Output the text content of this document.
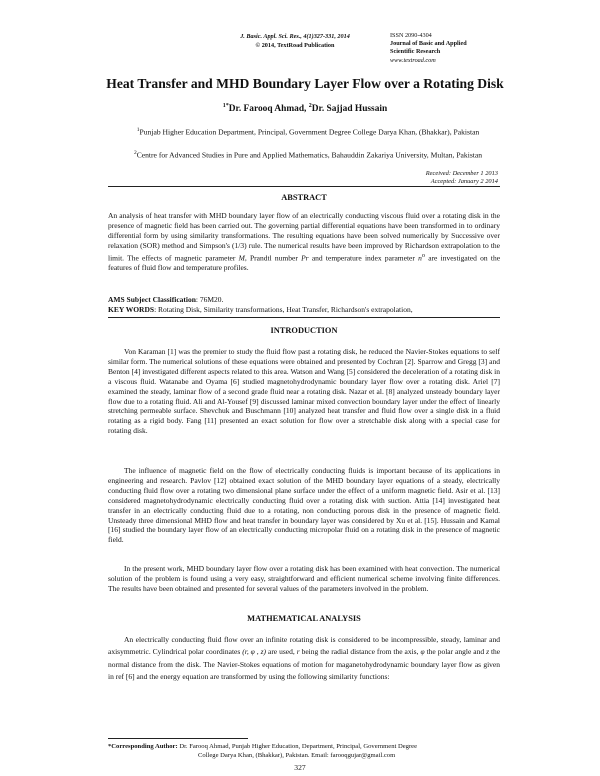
J. Basic. Appl. Sci. Res., 4(1)327-331, 2014
© 2014, TextRoad Publication
ISSN 2090-4304
Journal of Basic and Applied
Scientific Research
www.textroad.com
Heat Transfer and MHD Boundary Layer Flow over a Rotating Disk
$^{1*}$Dr. Farooq Ahmad, $^2$Dr. Sajjad Hussain
$^1$Punjab Higher Education Department, Principal, Government Degree College Darya Khan, (Bhakkar), Pakistan
$^2$Centre for Advanced Studies in Pure and Applied Mathematics, Bahauddin Zakariya University, Multan, Pakistan
Received: December 1 2013
Accepted: January 2 2014
ABSTRACT
An analysis of heat transfer with MHD boundary layer flow of an electrically conducting viscous fluid over a rotating disk in the presence of magnetic field has been carried out. The governing partial differential equations have been transformed in to ordinary differential form by using similarity transformations. The resulting equations have been solved numerically by Successive over relaxation (SOR) method and Simpson's (1/3) rule. The numerical results have been improved by Richardson extrapolation to the limit. The effects of magnetic parameter M, Prandtl number Pr and temperature index parameter $n^o$ are investigated on the features of fluid flow and temperature profiles.
AMS Subject Classification: 76M20.
KEY WORDS: Rotating Disk, Similarity transformations, Heat Transfer, Richardson's extrapolation,
INTRODUCTION
Von Karaman [1] was the premier to study the fluid flow past a rotating disk, he reduced the Navier-Stokes equations to self similar form. The numerical solutions of these equations were obtained and presented by Cochran [2]. Sparrow and Gregg [3] and Benton [4] investigated different aspects related to this area. Watson and Wang [5] considered the deceleration of a rotating disk in a viscous fluid. Watanabe and Oyama [6] studied magnetohydrodynamic boundary layer flow over a rotating disk. Ariel [7] examined the steady, laminar flow of a second grade fluid near a rotating disk. Nazar et al. [8] analyzed unsteady boundary layer flow due to a rotating fluid. Ali and Al-Yousef [9] discussed laminar mixed convection boundary layer under the effect of linearly stretching permeable surface. Shevchuk and Buschmann [10] analyzed heat transfer and fluid flow over a single disk in a fluid rotating as a rigid body. Fang [11] presented an exact solution for flow over a stretchable disk along with a special case for rotating disk.
The influence of magnetic field on the flow of electrically conducting fluids is important because of its applications in engineering and research. Pavlov [12] obtained exact solution of the MHD boundary layer equations of a steady, electrically conducting fluid flow over a rotating two dimensional plane surface under the effect of a uniform magnetic field. Asir et al. [13] considered magnetohydrodynamic electrically conducting fluid over a rotating disk with suction. Attia [14] investigated heat transfer in an electrically conducting fluid due to a rotating, non conducting porous disk in the presence of magnetic field. Unsteady three dimensional MHD flow and heat transfer in boundary layer was considered by Xu et al. [15]. Hussain and Kamal [16] studied the boundary layer flow of an electrically conducting micropolar fluid on a rotating disk in the presence of magnetic field.
In the present work, MHD boundary layer flow over a rotating disk has been examined with heat convection. The numerical solution of the problem is found using a very easy, straightforward and efficient numerical scheme involving finite differences. The results have been obtained and presented for several values of the parameters involved in the problem.
MATHEMATICAL ANALYSIS
An electrically conducting fluid flow over an infinite rotating disk is considered to be incompressible, steady, laminar and axisymmetric. Cylindrical polar coordinates (r, φ , z) are used, r being the radial distance from the axis, φ the polar angle and z the normal distance from the disk. The Navier-Stokes equations of motion for maganetohydrodynamic boundary layer flow as given in ref [6] and the energy equation are transformed by using the following similarity functions:
*Corresponding Author: Dr. Farooq Ahmad, Punjab Higher Education, Department, Principal, Government Degree
College Darya Khan, (Bhakkar), Pakistan. Email: farooqgujar@gmail.com
327
